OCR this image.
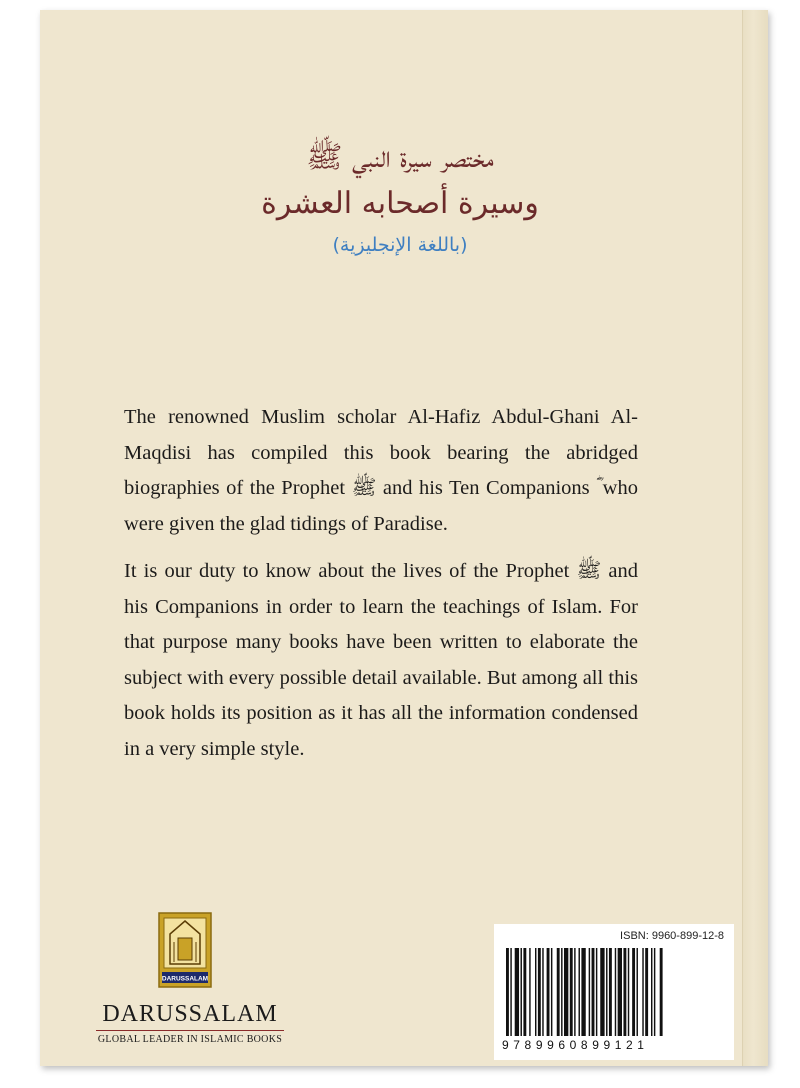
مختصر سيرة النبي ﷺ
وسيرة أصحابه العشرة
(باللغة الإنجليزية)

The renowned Muslim scholar Al-Hafiz Abdul-Ghani Al-Maqdisi has compiled this book bearing the abridged biographies of the Prophet ﷺ and his Ten Companions ؓ who were given the glad tidings of Paradise.

It is our duty to know about the lives of the Prophet ﷺ and his Companions in order to learn the teachings of Islam. For that purpose many books have been written to elaborate the subject with every possible detail available. But among all this book holds its position as it has all the information condensed in a very simple style.

DARUSSALAM
DARUSSALAM
GLOBAL LEADER IN ISLAMIC BOOKS
ISBN: 9960-899-12-8
9789960899121
